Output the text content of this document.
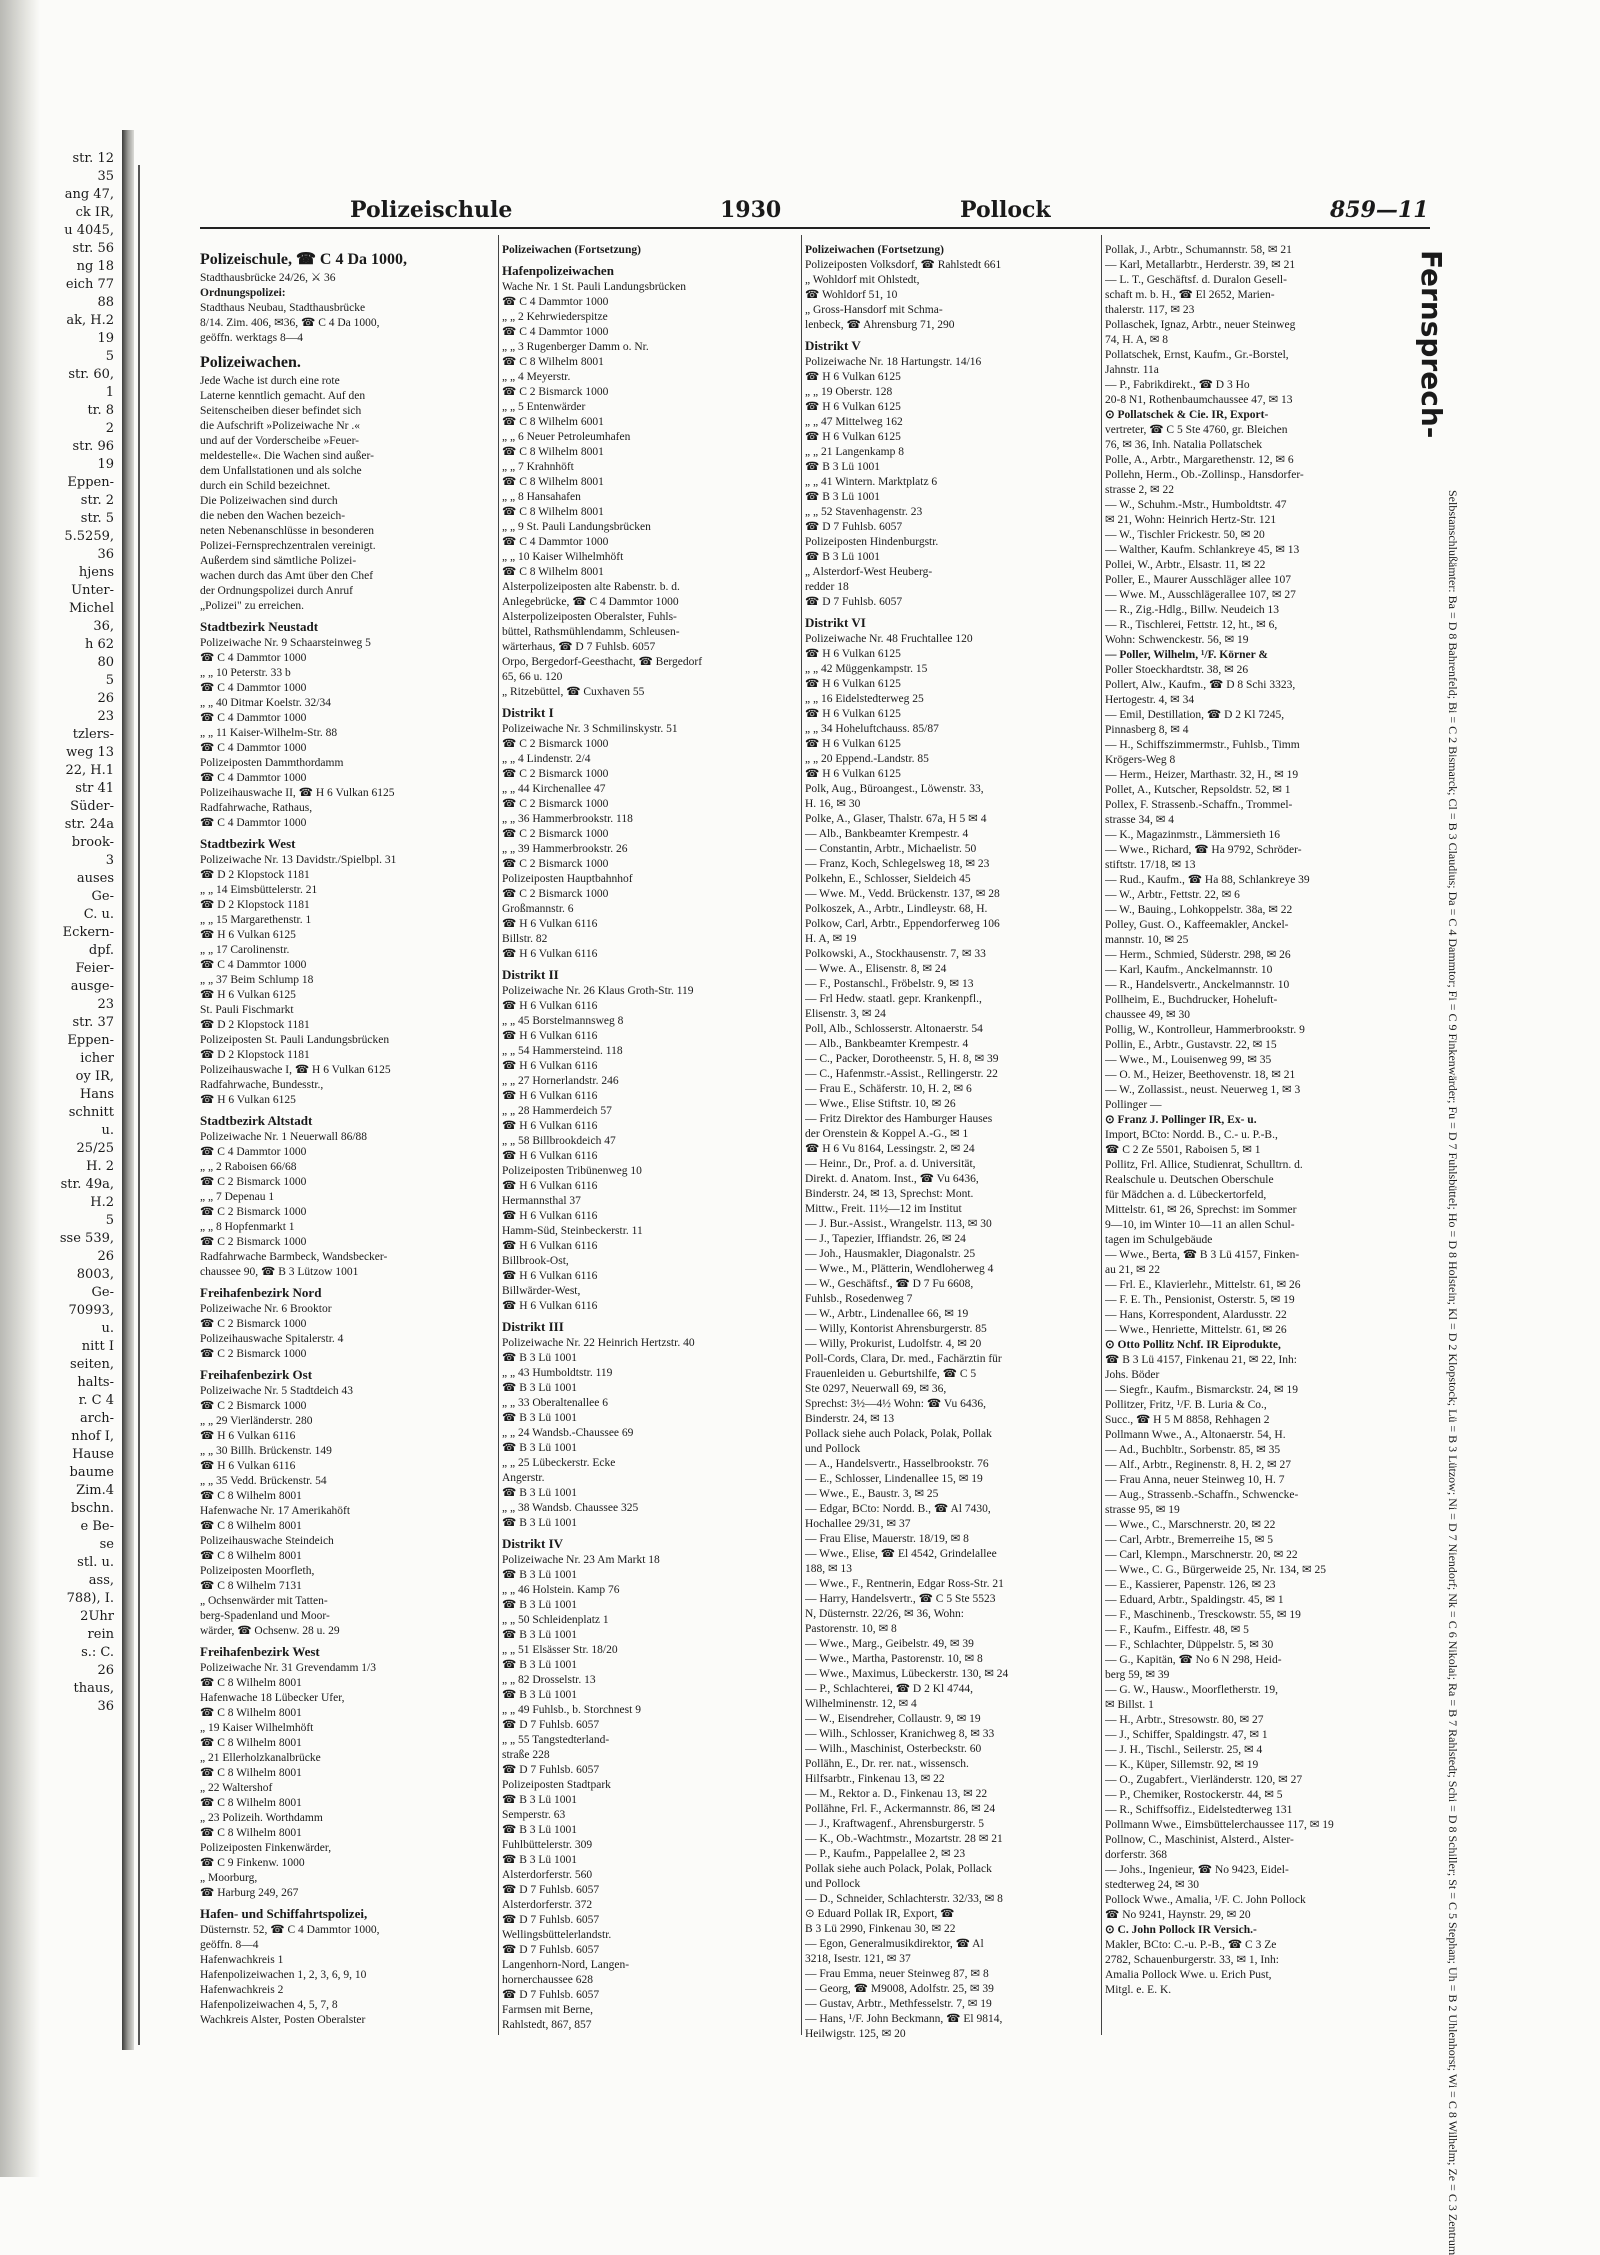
str. 12
35
ang 47,
ck IR,
u 4045,
str. 56
ng 18
eich 77
88
ak, H.2
19
5
str. 60,
1
tr. 8
2
str. 96
19
Eppen-
str. 2
str. 5
5.5259,
36
hjens
Unter-
Michel
36,
h 62
80
5
26
23
tzlers-
weg 13
22, H.1
str 41
Süder-
str. 24a
brook-
3
auses
Ge-
C. u.
Eckern-
dpf.
Feier-
ausge-
23
str. 37
Eppen-
icher
oy IR,
Hans
schnitt
u.
25/25
H. 2
str. 49a,
H.2
5
sse 539,
26
8003,
Ge-
70993,
u.
nitt I
seiten,
halts-
r. C 4
arch-
nhof I,
Hause
baume
Zim.4
bschn.
e Be-
se
stl. u.
ass,
788), I.
2Uhr
rein
s.: C.
26
thaus,
36
Polizeischule	1930	Pollock	859—11
Polizeischule, ☎ C 4 Da 1000,
Stadthausbrücke 24/26, ⚔ 36
Ordnungspolizei:
Stadthaus Neubau, Stadthausbrücke
8/14. Zim. 406, ✉36, ☎ C 4 Da 1000,
geöffn. werktags 8—4
Polizeiwachen.
Jede Wache ist durch eine rote
Laterne kenntlich gemacht. Auf den
Seitenscheiben dieser befindet sich
die Aufschrift »Polizeiwache Nr .«
und auf der Vorderscheibe »Feuer-
meldestelle«. Die Wachen sind außer-
dem Unfallstationen und als solche
durch ein Schild bezeichnet.
Die Polizeiwachen sind durch
die neben den Wachen bezeich-
neten Nebenanschlüsse in besonderen
Polizei-Fernsprechzentralen vereinigt.
Außerdem sind sämtliche Polizei-
wachen durch das Amt über den Chef
der Ordnungspolizei durch Anruf
„Polizei" zu erreichen.
Stadtbezirk Neustadt
Polizeiwache Nr. 9 Schaarsteinweg 5
☎ C 4 Dammtor 1000
„ „ 10 Peterstr. 33 b
☎ C 4 Dammtor 1000
„ „ 40 Ditmar Koelstr. 32/34
☎ C 4 Dammtor 1000
„ „ 11 Kaiser-Wilhelm-Str. 88
☎ C 4 Dammtor 1000
Polizeiposten Dammthordamm
☎ C 4 Dammtor 1000
Polizeihauswache II, ☎ H 6 Vulkan 6125
Radfahrwache, Rathaus,
☎ C 4 Dammtor 1000
Stadtbezirk West
Polizeiwache Nr. 13 Davidstr./Spielbpl. 31
☎ D 2 Klopstock 1181
„ „ 14 Eimsbüttelerstr. 21
☎ D 2 Klopstock 1181
„ „ 15 Margarethenstr. 1
☎ H 6 Vulkan 6125
„ „ 17 Carolinenstr.
☎ C 4 Dammtor 1000
„ „ 37 Beim Schlump 18
☎ H 6 Vulkan 6125
St. Pauli Fischmarkt
☎ D 2 Klopstock 1181
Polizeiposten St. Pauli Landungsbrücken
☎ D 2 Klopstock 1181
Polizeihauswache I, ☎ H 6 Vulkan 6125
Radfahrwache, Bundesstr.,
☎ H 6 Vulkan 6125
Stadtbezirk Altstadt
Polizeiwache Nr. 1 Neuerwall 86/88
☎ C 4 Dammtor 1000
„ „ 2 Raboisen 66/68
☎ C 2 Bismarck 1000
„ „ 7 Depenau 1
☎ C 2 Bismarck 1000
„ „ 8 Hopfenmarkt 1
☎ C 2 Bismarck 1000
Radfahrwache Barmbeck, Wandsbecker-
chaussee 90, ☎ B 3 Lützow 1001
Freihafenbezirk Nord
Polizeiwache Nr. 6 Brooktor
☎ C 2 Bismarck 1000
Polizeihauswache Spitalerstr. 4
☎ C 2 Bismarck 1000
Freihafenbezirk Ost
Polizeiwache Nr. 5 Stadtdeich 43
☎ C 2 Bismarck 1000
„ „ 29 Vierländerstr. 280
☎ H 6 Vulkan 6116
„ „ 30 Billh. Brückenstr. 149
☎ H 6 Vulkan 6116
„ „ 35 Vedd. Brückenstr. 54
☎ C 8 Wilhelm 8001
Hafenwache Nr. 17 Amerikahöft
☎ C 8 Wilhelm 8001
Polizeihauswache Steindeich
☎ C 8 Wilhelm 8001
Polizeiposten Moorfleth,
☎ C 8 Wilhelm 7131
„ Ochsenwärder mit Tatten-
berg-Spadenland und Moor-
wärder, ☎ Ochsenw. 28 u. 29
Freihafenbezirk West
Polizeiwache Nr. 31 Grevendamm 1/3
☎ C 8 Wilhelm 8001
Hafenwache 18 Lübecker Ufer,
☎ C 8 Wilhelm 8001
„ 19 Kaiser Wilhelmhöft
☎ C 8 Wilhelm 8001
„ 21 Ellerholzkanalbrücke
☎ C 8 Wilhelm 8001
„ 22 Waltershof
☎ C 8 Wilhelm 8001
„ 23 Polizeih. Worthdamm
☎ C 8 Wilhelm 8001
Polizeiposten Finkenwärder,
☎ C 9 Finkenw. 1000
„ Moorburg,
☎ Harburg 249, 267
Hafen- und Schiffahrtspolizei,
Düsternstr. 52, ☎ C 4 Dammtor 1000,
geöffn. 8—4
Hafenwachkreis 1
Hafenpolizeiwachen 1, 2, 3, 6, 9, 10
Hafenwachkreis 2
Hafenpolizeiwachen 4, 5, 7, 8
Wachkreis Alster, Posten Oberalster
Polizeiwachen (Fortsetzung)
Hafenpolizeiwachen
Wache Nr. 1 St. Pauli Landungsbrücken
☎ C 4 Dammtor 1000
„ „ 2 Kehrwiederspitze
☎ C 4 Dammtor 1000
„ „ 3 Rugenberger Damm o. Nr.
☎ C 8 Wilhelm 8001
„ „ 4 Meyerstr.
☎ C 2 Bismarck 1000
„ „ 5 Entenwärder
☎ C 8 Wilhelm 6001
„ „ 6 Neuer Petroleumhafen
☎ C 8 Wilhelm 8001
„ „ 7 Krahnhöft
☎ C 8 Wilhelm 8001
„ „ 8 Hansahafen
☎ C 8 Wilhelm 8001
„ „ 9 St. Pauli Landungsbrücken
☎ C 4 Dammtor 1000
„ „ 10 Kaiser Wilhelmhöft
☎ C 8 Wilhelm 8001
Alsterpolizeiposten alte Rabenstr. b. d.
Anlegebrücke, ☎ C 4 Dammtor 1000
Alsterpolizeiposten Oberalster, Fuhls-
büttel, Rathsmühlendamm, Schleusen-
wärterhaus, ☎ D 7 Fuhlsb. 6057
Orpo, Bergedorf-Geesthacht, ☎ Bergedorf
65, 66 u. 120
„ Ritzebüttel, ☎ Cuxhaven 55
Distrikt I
Polizeiwache Nr. 3 Schmilinskystr. 51
☎ C 2 Bismarck 1000
„ „ 4 Lindenstr. 2/4
☎ C 2 Bismarck 1000
„ „ 44 Kirchenallee 47
☎ C 2 Bismarck 1000
„ „ 36 Hammerbrookstr. 118
☎ C 2 Bismarck 1000
„ „ 39 Hammerbrookstr. 26
☎ C 2 Bismarck 1000
Polizeiposten Hauptbahnhof
☎ C 2 Bismarck 1000
Großmannstr. 6
☎ H 6 Vulkan 6116
Billstr. 82
☎ H 6 Vulkan 6116
Distrikt II
Polizeiwache Nr. 26 Klaus Groth-Str. 119
☎ H 6 Vulkan 6116
„ „ 45 Borstelmannsweg 8
☎ H 6 Vulkan 6116
„ „ 54 Hammersteind. 118
☎ H 6 Vulkan 6116
„ „ 27 Hornerlandstr. 246
☎ H 6 Vulkan 6116
„ „ 28 Hammerdeich 57
☎ H 6 Vulkan 6116
„ „ 58 Billbrookdeich 47
☎ H 6 Vulkan 6116
Polizeiposten Tribünenweg 10
☎ H 6 Vulkan 6116
Hermannsthal 37
☎ H 6 Vulkan 6116
Hamm-Süd, Steinbeckerstr. 11
☎ H 6 Vulkan 6116
Billbrook-Ost,
☎ H 6 Vulkan 6116
Billwärder-West,
☎ H 6 Vulkan 6116
Distrikt III
Polizeiwache Nr. 22 Heinrich Hertzstr. 40
☎ B 3 Lü 1001
„ „ 43 Humboldtstr. 119
☎ B 3 Lü 1001
„ „ 33 Oberaltenallee 6
☎ B 3 Lü 1001
„ „ 24 Wandsb.-Chaussee 69
☎ B 3 Lü 1001
„ „ 25 Lübeckerstr. Ecke
Angerstr.
☎ B 3 Lü 1001
„ „ 38 Wandsb. Chaussee 325
☎ B 3 Lü 1001
Distrikt IV
Polizeiwache Nr. 23 Am Markt 18
☎ B 3 Lü 1001
„ „ 46 Holstein. Kamp 76
☎ B 3 Lü 1001
„ „ 50 Schleidenplatz 1
☎ B 3 Lü 1001
„ „ 51 Elsässer Str. 18/20
☎ B 3 Lü 1001
„ „ 82 Drosselstr. 13
☎ B 3 Lü 1001
„ „ 49 Fuhlsb., b. Storchnest 9
☎ D 7 Fuhlsb. 6057
„ „ 55 Tangstedterland-
straße 228
☎ D 7 Fuhlsb. 6057
Polizeiposten Stadtpark
☎ B 3 Lü 1001
Semperstr. 63
☎ B 3 Lü 1001
Fuhlbüttelerstr. 309
☎ B 3 Lü 1001
Alsterdorferstr. 560
☎ D 7 Fuhlsb. 6057
Alsterdorferstr. 372
☎ D 7 Fuhlsb. 6057
Wellingsbüttelerlandstr.
☎ D 7 Fuhlsb. 6057
Langenhorn-Nord, Langen-
hornerchaussee 628
☎ D 7 Fuhlsb. 6057
Farmsen mit Berne,
Rahlstedt, 867, 857
Polizeiwachen (Fortsetzung)
Polizeiposten Volksdorf, ☎ Rahlstedt 661
„ Wohldorf mit Ohlstedt,
☎ Wohldorf 51, 10
„ Gross-Hansdorf mit Schma-
lenbeck, ☎ Ahrensburg 71, 290
Distrikt V
Polizeiwache Nr. 18 Hartungstr. 14/16
☎ H 6 Vulkan 6125
„ „ 19 Oberstr. 128
☎ H 6 Vulkan 6125
„ „ 47 Mittelweg 162
☎ H 6 Vulkan 6125
„ „ 21 Langenkamp 8
☎ B 3 Lü 1001
„ „ 41 Wintern. Marktplatz 6
☎ B 3 Lü 1001
„ „ 52 Stavenhagenstr. 23
☎ D 7 Fuhlsb. 6057
Polizeiposten Hindenburgstr.
☎ B 3 Lü 1001
„ Alsterdorf-West Heuberg-
redder 18
☎ D 7 Fuhlsb. 6057
Distrikt VI
Polizeiwache Nr. 48 Fruchtallee 120
☎ H 6 Vulkan 6125
„ „ 42 Müggenkampstr. 15
☎ H 6 Vulkan 6125
„ „ 16 Eidelstedterweg 25
☎ H 6 Vulkan 6125
„ „ 34 Hoheluftchauss. 85/87
☎ H 6 Vulkan 6125
„ „ 20 Eppend.-Landstr. 85
☎ H 6 Vulkan 6125
Polk, Aug., Büroangest., Löwenstr. 33,
H. 16, ✉ 30
Polke, A., Glaser, Thalstr. 67a, H 5 ✉ 4
— Alb., Bankbeamter Krempestr. 4
— Constantin, Arbtr., Michaelistr. 50
— Franz, Koch, Schlegelsweg 18, ✉ 23
Polkehn, E., Schlosser, Sieldeich 45
— Wwe. M., Vedd. Brückenstr. 137, ✉ 28
Polkoszek, A., Arbtr., Lindleystr. 68, H.
Polkow, Carl, Arbtr., Eppendorferweg 106
H. A, ✉ 19
Polkowski, A., Stockhausenstr. 7, ✉ 33
— Wwe. A., Elisenstr. 8, ✉ 24
— F., Postanschl., Fröbelstr. 9, ✉ 13
— Frl Hedw. staatl. gepr. Krankenpfl.,
Elisenstr. 3, ✉ 24
Poll, Alb., Schlosserstr. Altonaerstr. 54
— Alb., Bankbeamter Krempestr. 4
— C., Packer, Dorotheenstr. 5, H. 8, ✉ 39
— C., Hafenmstr.-Assist., Rellingerstr. 22
— Frau E., Schäferstr. 10, H. 2, ✉ 6
— Wwe., Elise Stiftstr. 10, ✉ 26
— Fritz Direktor des Hamburger Hauses
der Orenstein & Koppel A.-G., ✉ 1
☎ H 6 Vu 8164, Lessingstr. 2, ✉ 24
— Heinr., Dr., Prof. a. d. Universität,
Direkt. d. Anatom. Inst., ☎ Vu 6436,
Binderstr. 24, ✉ 13, Sprechst: Mont.
Mittw., Freit. 11½—12 im Institut
— J. Bur.-Assist., Wrangelstr. 113, ✉ 30
— J., Tapezier, Iffiandstr. 26, ✉ 24
— Joh., Hausmakler, Diagonalstr. 25
— Wwe., M., Plätterin, Wendloherweg 4
— W., Geschäftsf., ☎ D 7 Fu 6608,
Fuhlsb., Rosedenweg 7
— W., Arbtr., Lindenallee 66, ✉ 19
— Willy, Kontorist Ahrensburgerstr. 85
— Willy, Prokurist, Ludolfstr. 4, ✉ 20
Poll-Cords, Clara, Dr. med., Fachärztin für
Frauenleiden u. Geburtshilfe, ☎ C 5
Ste 0297, Neuerwall 69, ✉ 36,
Sprechst: 3½—4½ Wohn: ☎ Vu 6436,
Binderstr. 24, ✉ 13
Pollack siehe auch Polack, Polak, Pollak
und Pollock
— A., Handelsvertr., Hasselbrookstr. 76
— E., Schlosser, Lindenallee 15, ✉ 19
— Wwe., E., Baustr. 3, ✉ 25
— Edgar, BCto: Nordd. B., ☎ Al 7430,
Hochallee 29/31, ✉ 37
— Frau Elise, Mauerstr. 18/19, ✉ 8
— Wwe., Elise, ☎ El 4542, Grindelallee
188, ✉ 13
— Wwe., F., Rentnerin, Edgar Ross-Str. 21
— Harry, Handelsvertr., ☎ C 5 Ste 5523
N, Düsternstr. 22/26, ✉ 36, Wohn:
Pastorenstr. 10, ✉ 8
— Wwe., Marg., Geibelstr. 49, ✉ 39
— Wwe., Martha, Pastorenstr. 10, ✉ 8
— Wwe., Maximus, Lübeckerstr. 130, ✉ 24
— P., Schlachterei, ☎ D 2 Kl 4744,
Wilhelminenstr. 12, ✉ 4
— W., Eisendreher, Collaustr. 9, ✉ 19
— Wilh., Schlosser, Kranichweg 8, ✉ 33
— Wilh., Maschinist, Osterbeckstr. 60
Pollähn, E., Dr. rer. nat., wissensch.
Hilfsarbtr., Finkenau 13, ✉ 22
— M., Rektor a. D., Finkenau 13, ✉ 22
Pollähne, Frl. F., Ackermannstr. 86, ✉ 24
— J., Kraftwagenf., Ahrensburgerstr. 5
— K., Ob.-Wachtmstr., Mozartstr. 28 ✉ 21
— P., Kaufm., Pappelallee 2, ✉ 23
Pollak siehe auch Polack, Polak, Pollack
und Pollock
— D., Schneider, Schlachterstr. 32/33, ✉ 8
⊙ Eduard Pollak IR, Export, ☎
B 3 Lü 2990, Finkenau 30, ✉ 22
— Egon, Generalmusikdirektor, ☎ Al
3218, Isestr. 121, ✉ 37
— Frau Emma, neuer Steinweg 87, ✉ 8
— Georg, ☎ M9008, Adolfstr. 25, ✉ 39
— Gustav, Arbtr., Methfesselstr. 7, ✉ 19
— Hans, ¹/F. John Beckmann, ☎ El 9814,
Heilwigstr. 125, ✉ 20
Pollak, J., Arbtr., Schumannstr. 58, ✉ 21
— Karl, Metallarbtr., Herderstr. 39, ✉ 21
— L. T., Geschäftsf. d. Duralon Gesell-
schaft m. b. H., ☎ El 2652, Marien-
thalerstr. 117, ✉ 23
Pollaschek, Ignaz, Arbtr., neuer Steinweg
74, H. A, ✉ 8
Pollatschek, Ernst, Kaufm., Gr.-Borstel,
Jahnstr. 11a
— P., Fabrikdirekt., ☎ D 3 Ho
20-8 N1, Rothenbaumchaussee 47, ✉ 13
⊙ Pollatschek & Cie. IR, Export-
vertreter, ☎ C 5 Ste 4760, gr. Bleichen
76, ✉ 36, Inh. Natalia Pollatschek
Polle, A., Arbtr., Margarethenstr. 12, ✉ 6
Pollehn, Herm., Ob.-Zollinsp., Hansdorfer-
strasse 2, ✉ 22
— W., Schuhm.-Mstr., Humboldtstr. 47
✉ 21, Wohn: Heinrich Hertz-Str. 121
— W., Tischler Frickestr. 50, ✉ 20
— Walther, Kaufm. Schlankreye 45, ✉ 13
Pollei, W., Arbtr., Elsastr. 11, ✉ 22
Poller, E., Maurer Ausschläger allee 107
— Wwe. M., Ausschlägerallee 107, ✉ 27
— R., Zig.-Hdlg., Billw. Neudeich 13
— R., Tischlerei, Fettstr. 12, ht., ✉ 6,
Wohn: Schwenckestr. 56, ✉ 19
— Poller, Wilhelm, ¹/F. Körner &
Poller Stoeckhardtstr. 38, ✉ 26
Pollert, Alw., Kaufm., ☎ D 8 Schi 3323,
Hertogestr. 4, ✉ 34
— Emil, Destillation, ☎ D 2 Kl 7245,
Pinnasberg 8, ✉ 4
— H., Schiffszimmermstr., Fuhlsb., Timm
Krögers-Weg 8
— Herm., Heizer, Marthastr. 32, H., ✉ 19
Pollet, A., Kutscher, Repsoldstr. 52, ✉ 1
Pollex, F. Strassenb.-Schaffn., Trommel-
strasse 34, ✉ 4
— K., Magazinmstr., Lämmersieth 16
— Wwe., Richard, ☎ Ha 9792, Schröder-
stiftstr. 17/18, ✉ 13
— Rud., Kaufm., ☎ Ha 88, Schlankreye 39
— W., Arbtr., Fettstr. 22, ✉ 6
— W., Bauing., Lohkoppelstr. 38a, ✉ 22
Polley, Gust. O., Kaffeemakler, Anckel-
mannstr. 10, ✉ 25
— Herm., Schmied, Süderstr. 298, ✉ 26
— Karl, Kaufm., Anckelmannstr. 10
— R., Handelsvertr., Anckelmannstr. 10
Pollheim, E., Buchdrucker, Hoheluft-
chaussee 49, ✉ 30
Pollig, W., Kontrolleur, Hammerbrookstr. 9
Pollin, E., Arbtr., Gustavstr. 22, ✉ 15
— Wwe., M., Louisenweg 99, ✉ 35
— O. M., Heizer, Beethovenstr. 18, ✉ 21
— W., Zollassist., neust. Neuerweg 1, ✉ 3
Pollinger —
⊙ Franz J. Pollinger IR, Ex- u.
Import, BCto: Nordd. B., C.- u. P.-B.,
☎ C 2 Ze 5501, Raboisen 5, ✉ 1
Pollitz, Frl. Allice, Studienrat, Schulltrn. d.
Realschule u. Deutschen Oberschule
für Mädchen a. d. Lübeckertorfeld,
Mittelstr. 61, ✉ 26, Sprechst: im Sommer
9—10, im Winter 10—11 an allen Schul-
tagen im Schulgebäude
— Wwe., Berta, ☎ B 3 Lü 4157, Finken-
au 21, ✉ 22
— Frl. E., Klavierlehr., Mittelstr. 61, ✉ 26
— F. E. Th., Pensionist, Osterstr. 5, ✉ 19
— Hans, Korrespondent, Alardusstr. 22
— Wwe., Henriette, Mittelstr. 61, ✉ 26
⊙ Otto Pollitz Nchf. IR Eiprodukte,
☎ B 3 Lü 4157, Finkenau 21, ✉ 22, Inh:
Johs. Böder
— Siegfr., Kaufm., Bismarckstr. 24, ✉ 19
Pollitzer, Fritz, ¹/F. B. Luria & Co.,
Succ., ☎ H 5 M 8858, Rehhagen 2
Pollmann Wwe., A., Altonaerstr. 54, H.
— Ad., Buchbltr., Sorbenstr. 85, ✉ 35
— Alf., Arbtr., Reginenstr. 8, H. 2, ✉ 27
— Frau Anna, neuer Steinweg 10, H. 7
— Aug., Strassenb.-Schaffn., Schwencke-
strasse 95, ✉ 19
— Wwe., C., Marschnerstr. 20, ✉ 22
— Carl, Arbtr., Bremerreihe 15, ✉ 5
— Carl, Klempn., Marschnerstr. 20, ✉ 22
— Wwe., C. G., Bürgerweide 25, Nr. 134, ✉ 25
— E., Kassierer, Papenstr. 126, ✉ 23
— Eduard, Arbtr., Spaldingstr. 45, ✉ 1
— F., Maschinenb., Tresckowstr. 55, ✉ 19
— F., Kaufm., Eiffestr. 48, ✉ 5
— F., Schlachter, Düppelstr. 5, ✉ 30
— G., Kapitän, ☎ No 6 N 298, Heid-
berg 59, ✉ 39
— G. W., Hausw., Moorfletherstr. 19,
✉ Billst. 1
— H., Arbtr., Stresowstr. 80, ✉ 27
— J., Schiffer, Spaldingstr. 47, ✉ 1
— J. H., Tischl., Seilerstr. 25, ✉ 4
— K., Küper, Sillemstr. 92, ✉ 19
— O., Zugabfert., Vierländerstr. 120, ✉ 27
— P., Chemiker, Rostockerstr. 44, ✉ 5
— R., Schiffsoffiz., Eidelstedterweg 131
Pollmann Wwe., Eimsbüttelerchaussee 117, ✉ 19
Pollnow, C., Maschinist, Alsterd., Alster-
dorferstr. 368
— Johs., Ingenieur, ☎ No 9423, Eidel-
stedterweg 24, ✉ 30
Pollock Wwe., Amalia, ¹/F. C. John Pollock
☎ No 9241, Haynstr. 29, ✉ 20
⊙ C. John Pollock IR Versich.-
Makler, BCto: C.-u. P.-B., ☎ C 3 Ze
2782, Schauenburgerstr. 33, ✉ 1, Inh:
Amalia Pollock Wwe. u. Erich Pust,
Mitgl. e. E. K.
Fernsprech-
Selbstanschlußämter: Ba = D 8 Bahrenfeld; Bi = C 2 Bismarck; Cl = B 3 Claudius; Da = C 4 Dammtor; Fi = C 9 Finkenwärder; Fu = D 7 Fuhlsbüttel; Ho = D 8 Holstein; Kl = D 2 Klopstock; Lü = B 3 Lützow; Ni = D 7 Niendorf; Nk = C 6 Nikolai; Ra = B 7 Rahlstedt; Schi = D 8 Schiller; St = C 5 Stephan; Uh = B 2 Uhlenhorst; Wi = C 8 Wilhelm; Ze = C 3 Zentrum
